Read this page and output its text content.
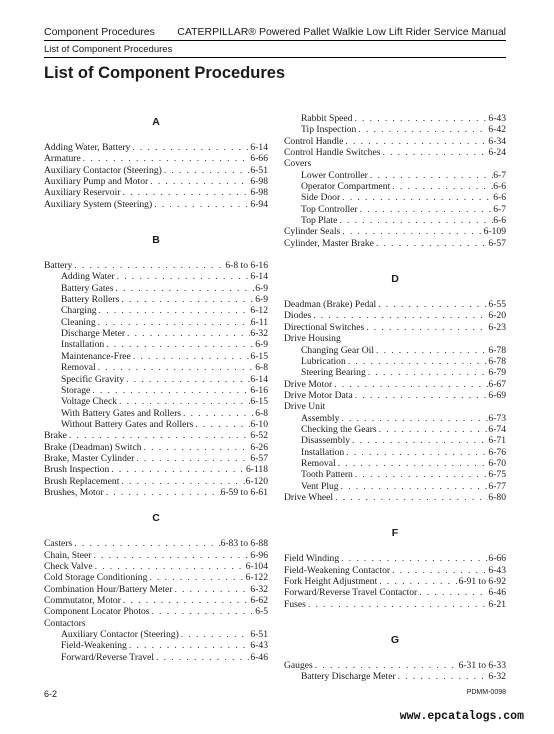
Component Procedures CATERPILLAR® Powered Pallet Walkie Low Lift Rider Service Manual
List of Component Procedures
List of Component Procedures
A
Adding Water, Battery . . .	6-14
Armature . . .	6-66
Auxiliary Contactor (Steering) . . .	6-51
Auxiliary Pump and Motor . . .	6-98
Auxiliary Reservoir . . .	6-98
Auxiliary System (Steering) . . .	6-94
B
Battery . . .	6-8 to 6-16
Adding Water . . .	6-14
Battery Gates . . .	6-9
Battery Rollers . . .	6-9
Charging . . .	6-12
Cleaning . . .	6-11
Discharge Meter . . .	6-32
Installation . . .	6-9
Maintenance-Free . . .	6-15
Removal . . .	6-8
Specific Gravity . . .	6-14
Storage . . .	6-16
Voltage Check . . .	6-15
With Battery Gates and Rollers . . .	6-8
Without Battery Gates and Rollers . . .	6-10
Brake . . .	6-52
Brake (Deadman) Switch . . .	6-26
Brake, Master Cylinder . . .	6-57
Brush Inspection . . .	6-118
Brush Replacement . . .	6-120
Brushes, Motor . . .	6-59 to 6-61
C
Casters . . .	6-83 to 6-88
Chain, Steer . . .	6-96
Check Valve . . .	6-104
Cold Storage Conditioning . . .	6-122
Combination Hour/Battery Meter . . .	6-32
Commutator, Motor . . .	6-62
Component Locator Photos . . .	6-5
Contactors
Auxiliary Contactor (Steering) . . .	6-51
Field-Weakening . . .	6-43
Forward/Reverse Travel . . .	6-46
Rabbit Speed . . .	6-43
Tip Inspection . . .	6-42
Control Handle . . .	6-34
Control Handle Switches . . .	6-24
Covers
Lower Controller . . .	6-7
Operator Compartment . . .	6-6
Side Door . . .	6-6
Top Controller . . .	6-7
Top Plate . . .	6-6
Cylinder Seals . . .	6-109
Cylinder, Master Brake . . .	6-57
D
Deadman (Brake) Pedal . . .	6-55
Diodes . . .	6-20
Directional Switches . . .	6-23
Drive Housing
Changing Gear Oil . . .	6-78
Lubrication . . .	6-78
Steering Bearing . . .	6-79
Drive Motor . . .	6-67
Drive Motor Data . . .	6-69
Drive Unit
Assembly . . .	6-73
Checking the Gears . . .	6-74
Disassembly . . .	6-71
Installation . . .	6-76
Removal . . .	6-70
Tooth Pattern . . .	6-75
Vent Plug . . .	6-77
Drive Wheel . . .	6-80
F
Field Winding . . .	6-66
Field-Weakening Contactor . . .	6-43
Fork Height Adjustment . . .	6-91 to 6-92
Forward/Reverse Travel Contactor . . .	6-46
Fuses . . .	6-21
G
Gauges . . .	6-31 to 6-33
Battery Discharge Meter . . .	6-32
6-2	PDMM-0098
www.epcatalogs.com
